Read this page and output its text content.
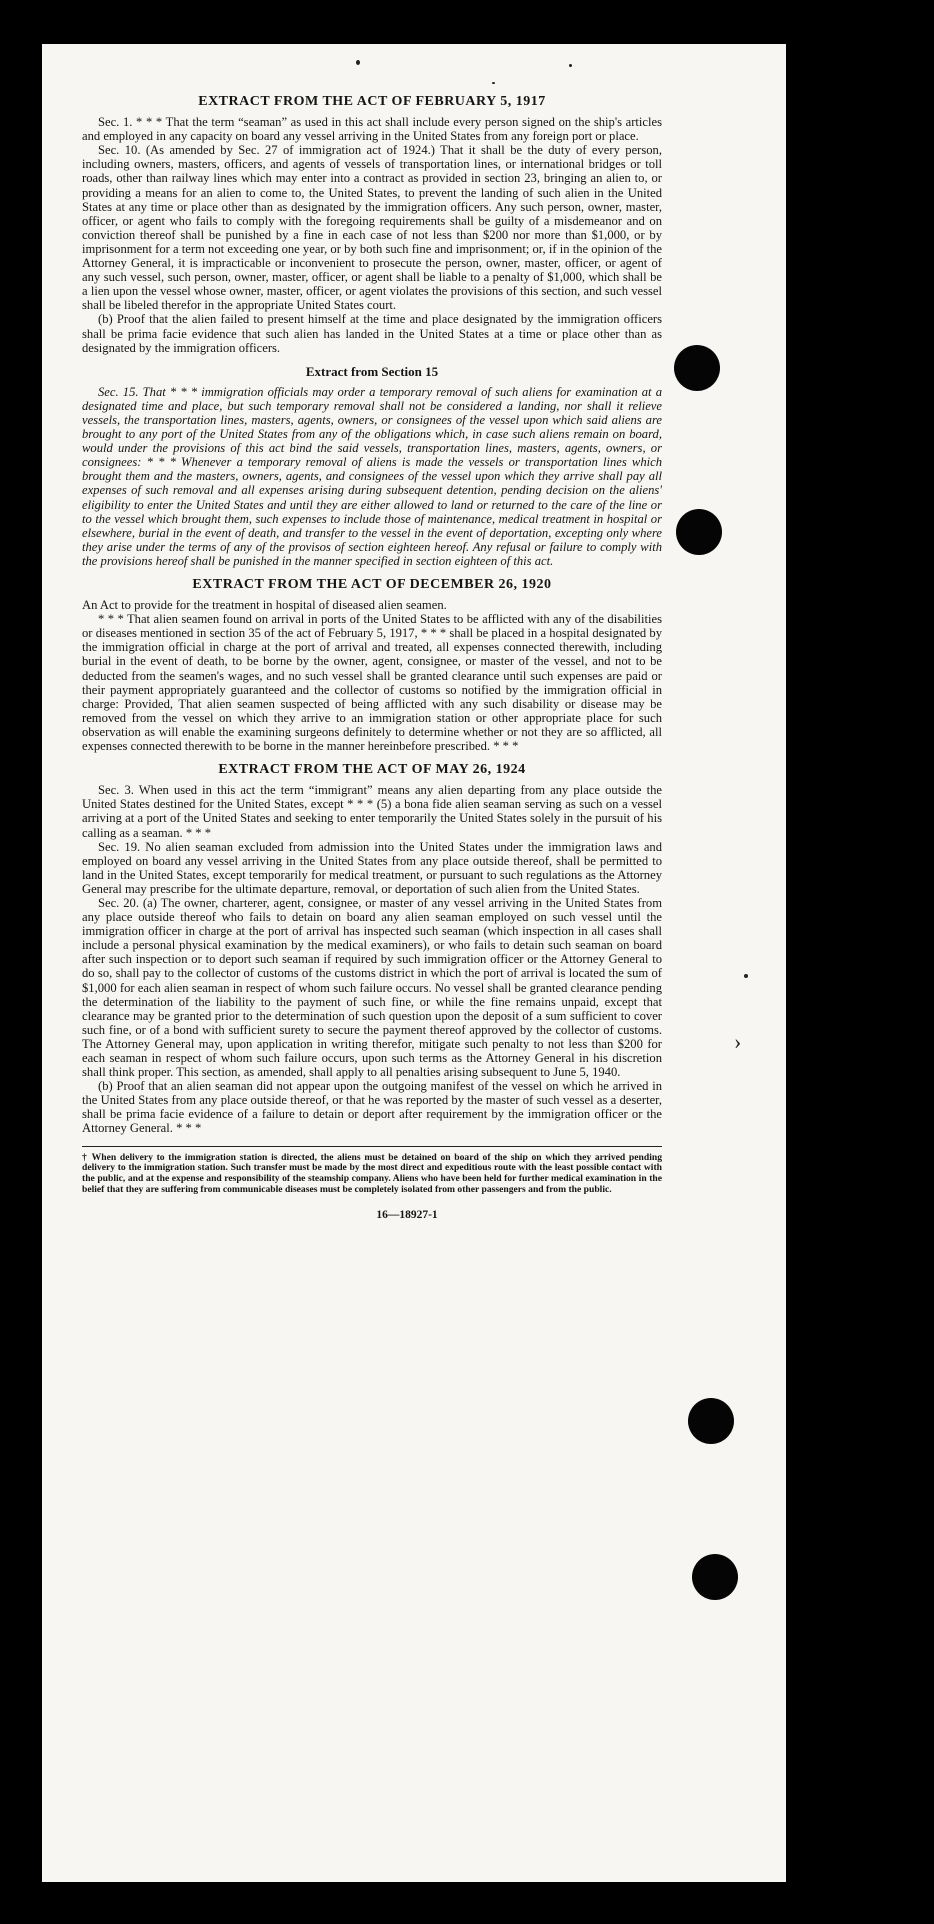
›
EXTRACT FROM THE ACT OF FEBRUARY 5, 1917

Sec. 1. * * * That the term “seaman” as used in this act shall include every person signed on the ship's articles and employed in any capacity on board any vessel arriving in the United States from any foreign port or place.

Sec. 10. (As amended by Sec. 27 of immigration act of 1924.) That it shall be the duty of every person, including owners, masters, officers, and agents of vessels of transportation lines, or international bridges or toll roads, other than railway lines which may enter into a contract as provided in section 23, bringing an alien to, or providing a means for an alien to come to, the United States, to prevent the landing of such alien in the United States at any time or place other than as designated by the immigration officers. Any such person, owner, master, officer, or agent who fails to comply with the foregoing requirements shall be guilty of a misdemeanor and on conviction thereof shall be punished by a fine in each case of not less than $200 nor more than $1,000, or by imprisonment for a term not exceeding one year, or by both such fine and imprisonment; or, if in the opinion of the Attorney General, it is impracticable or inconvenient to prosecute the person, owner, master, officer, or agent of any such vessel, such person, owner, master, officer, or agent shall be liable to a penalty of $1,000, which shall be a lien upon the vessel whose owner, master, officer, or agent violates the provisions of this section, and such vessel shall be libeled therefor in the appropriate United States court.

(b) Proof that the alien failed to present himself at the time and place designated by the immigration officers shall be prima facie evidence that such alien has landed in the United States at a time or place other than as designated by the immigration officers.

Extract from Section 15

Sec. 15. That * * * immigration officials may order a temporary removal of such aliens for examination at a designated time and place, but such temporary removal shall not be considered a landing, nor shall it relieve vessels, the transportation lines, masters, agents, owners, or consignees of the vessel upon which said aliens are brought to any port of the United States from any of the obligations which, in case such aliens remain on board, would under the provisions of this act bind the said vessels, transportation lines, masters, agents, owners, or consignees: * * * Whenever a temporary removal of aliens is made the vessels or transportation lines which brought them and the masters, owners, agents, and consignees of the vessel upon which they arrive shall pay all expenses of such removal and all expenses arising during subsequent detention, pending decision on the aliens' eligibility to enter the United States and until they are either allowed to land or returned to the care of the line or to the vessel which brought them, such expenses to include those of maintenance, medical treatment in hospital or elsewhere, burial in the event of death, and transfer to the vessel in the event of deportation, excepting only where they arise under the terms of any of the provisos of section eighteen hereof. Any refusal or failure to comply with the provisions hereof shall be punished in the manner specified in section eighteen of this act.

EXTRACT FROM THE ACT OF DECEMBER 26, 1920

An Act to provide for the treatment in hospital of diseased alien seamen.

* * * That alien seamen found on arrival in ports of the United States to be afflicted with any of the disabilities or diseases mentioned in section 35 of the act of February 5, 1917, * * * shall be placed in a hospital designated by the immigration official in charge at the port of arrival and treated, all expenses connected therewith, including burial in the event of death, to be borne by the owner, agent, consignee, or master of the vessel, and not to be deducted from the seamen's wages, and no such vessel shall be granted clearance until such expenses are paid or their payment appropriately guaranteed and the collector of customs so notified by the immigration official in charge: Provided, That alien seamen suspected of being afflicted with any such disability or disease may be removed from the vessel on which they arrive to an immigration station or other appropriate place for such observation as will enable the examining surgeons definitely to determine whether or not they are so afflicted, all expenses connected therewith to be borne in the manner hereinbefore prescribed. * * *

EXTRACT FROM THE ACT OF MAY 26, 1924

Sec. 3. When used in this act the term “immigrant” means any alien departing from any place outside the United States destined for the United States, except * * * (5) a bona fide alien seaman serving as such on a vessel arriving at a port of the United States and seeking to enter temporarily the United States solely in the pursuit of his calling as a seaman. * * *

Sec. 19. No alien seaman excluded from admission into the United States under the immigration laws and employed on board any vessel arriving in the United States from any place outside thereof, shall be permitted to land in the United States, except temporarily for medical treatment, or pursuant to such regulations as the Attorney General may prescribe for the ultimate departure, removal, or deportation of such alien from the United States.

Sec. 20. (a) The owner, charterer, agent, consignee, or master of any vessel arriving in the United States from any place outside thereof who fails to detain on board any alien seaman employed on such vessel until the immigration officer in charge at the port of arrival has inspected such seaman (which inspection in all cases shall include a personal physical examination by the medical examiners), or who fails to detain such seaman on board after such inspection or to deport such seaman if required by such immigration officer or the Attorney General to do so, shall pay to the collector of customs of the customs district in which the port of arrival is located the sum of $1,000 for each alien seaman in respect of whom such failure occurs. No vessel shall be granted clearance pending the determination of the liability to the payment of such fine, or while the fine remains unpaid, except that clearance may be granted prior to the determination of such question upon the deposit of a sum sufficient to cover such fine, or of a bond with sufficient surety to secure the payment thereof approved by the collector of customs. The Attorney General may, upon application in writing therefor, mitigate such penalty to not less than $200 for each seaman in respect of whom such failure occurs, upon such terms as the Attorney General in his discretion shall think proper. This section, as amended, shall apply to all penalties arising subsequent to June 5, 1940.

(b) Proof that an alien seaman did not appear upon the outgoing manifest of the vessel on which he arrived in the United States from any place outside thereof, or that he was reported by the master of such vessel as a deserter, shall be prima facie evidence of a failure to detain or deport after requirement by the immigration officer or the Attorney General. * * *

† When delivery to the immigration station is directed, the aliens must be detained on board of the ship on which they arrived pending delivery to the immigration station. Such transfer must be made by the most direct and expeditious route with the least possible contact with the public, and at the expense and responsibility of the steamship company. Aliens who have been held for further medical examination in the belief that they are suffering from communicable diseases must be completely isolated from other passengers and from the public.

16—18927-1
